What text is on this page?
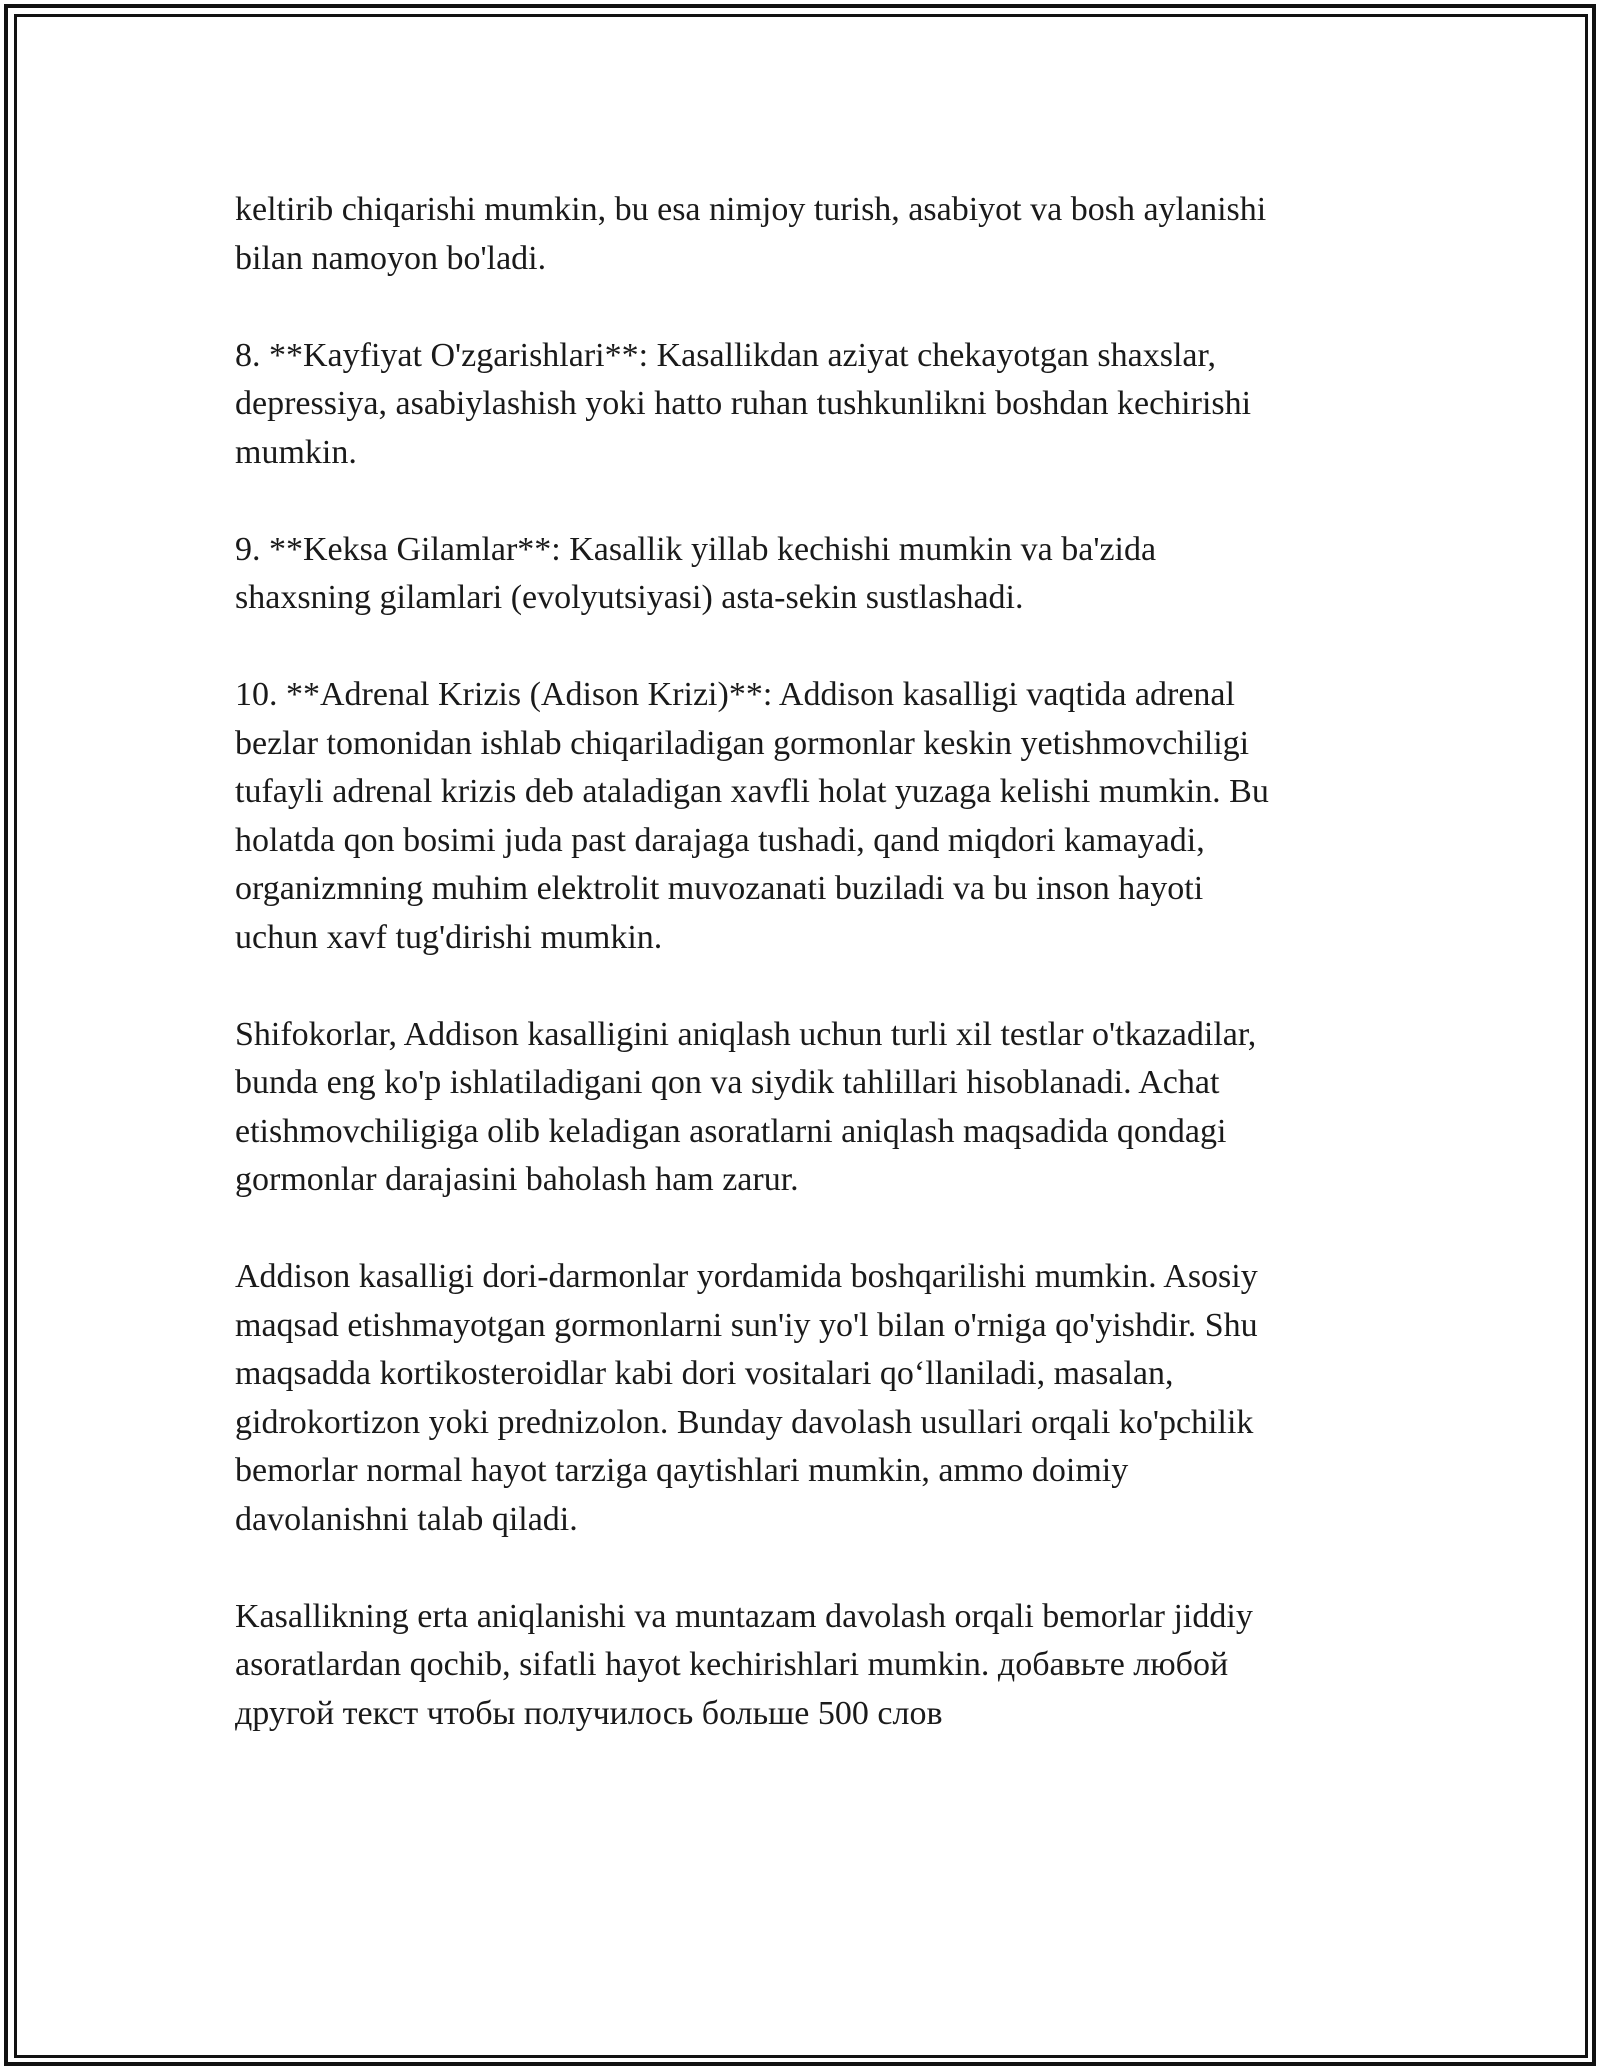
keltirib chiqarishi mumkin, bu esa nimjoy turish, asabiyot va bosh aylanishi
bilan namoyon bo'ladi.

8. **Kayfiyat O'zgarishlari**: Kasallikdan aziyat chekayotgan shaxslar,
depressiya, asabiylashish yoki hatto ruhan tushkunlikni boshdan kechirishi
mumkin.

9. **Keksa Gilamlar**: Kasallik yillab kechishi mumkin va ba'zida
shaxsning gilamlari (evolyutsiyasi) asta-sekin sustlashadi.

10. **Adrenal Krizis (Adison Krizi)**: Addison kasalligi vaqtida adrenal
bezlar tomonidan ishlab chiqariladigan gormonlar keskin yetishmovchiligi
tufayli adrenal krizis deb ataladigan xavfli holat yuzaga kelishi mumkin. Bu
holatda qon bosimi juda past darajaga tushadi, qand miqdori kamayadi,
organizmning muhim elektrolit muvozanati buziladi va bu inson hayoti
uchun xavf tug'dirishi mumkin.

Shifokorlar, Addison kasalligini aniqlash uchun turli xil testlar o'tkazadilar,
bunda eng ko'p ishlatiladigani qon va siydik tahlillari hisoblanadi. Achat
etishmovchiligiga olib keladigan asoratlarni aniqlash maqsadida qondagi
gormonlar darajasini baholash ham zarur.

Addison kasalligi dori-darmonlar yordamida boshqarilishi mumkin. Asosiy
maqsad etishmayotgan gormonlarni sun'iy yo'l bilan o'rniga qo'yishdir. Shu
maqsadda kortikosteroidlar kabi dori vositalari qo‘llaniladi, masalan,
gidrokortizon yoki prednizolon. Bunday davolash usullari orqali ko'pchilik
bemorlar normal hayot tarziga qaytishlari mumkin, ammo doimiy
davolanishni talab qiladi.

Kasallikning erta aniqlanishi va muntazam davolash orqali bemorlar jiddiy
asoratlardan qochib, sifatli hayot kechirishlari mumkin. добавьте любой
другой текст чтобы получилось больше 500 слов
